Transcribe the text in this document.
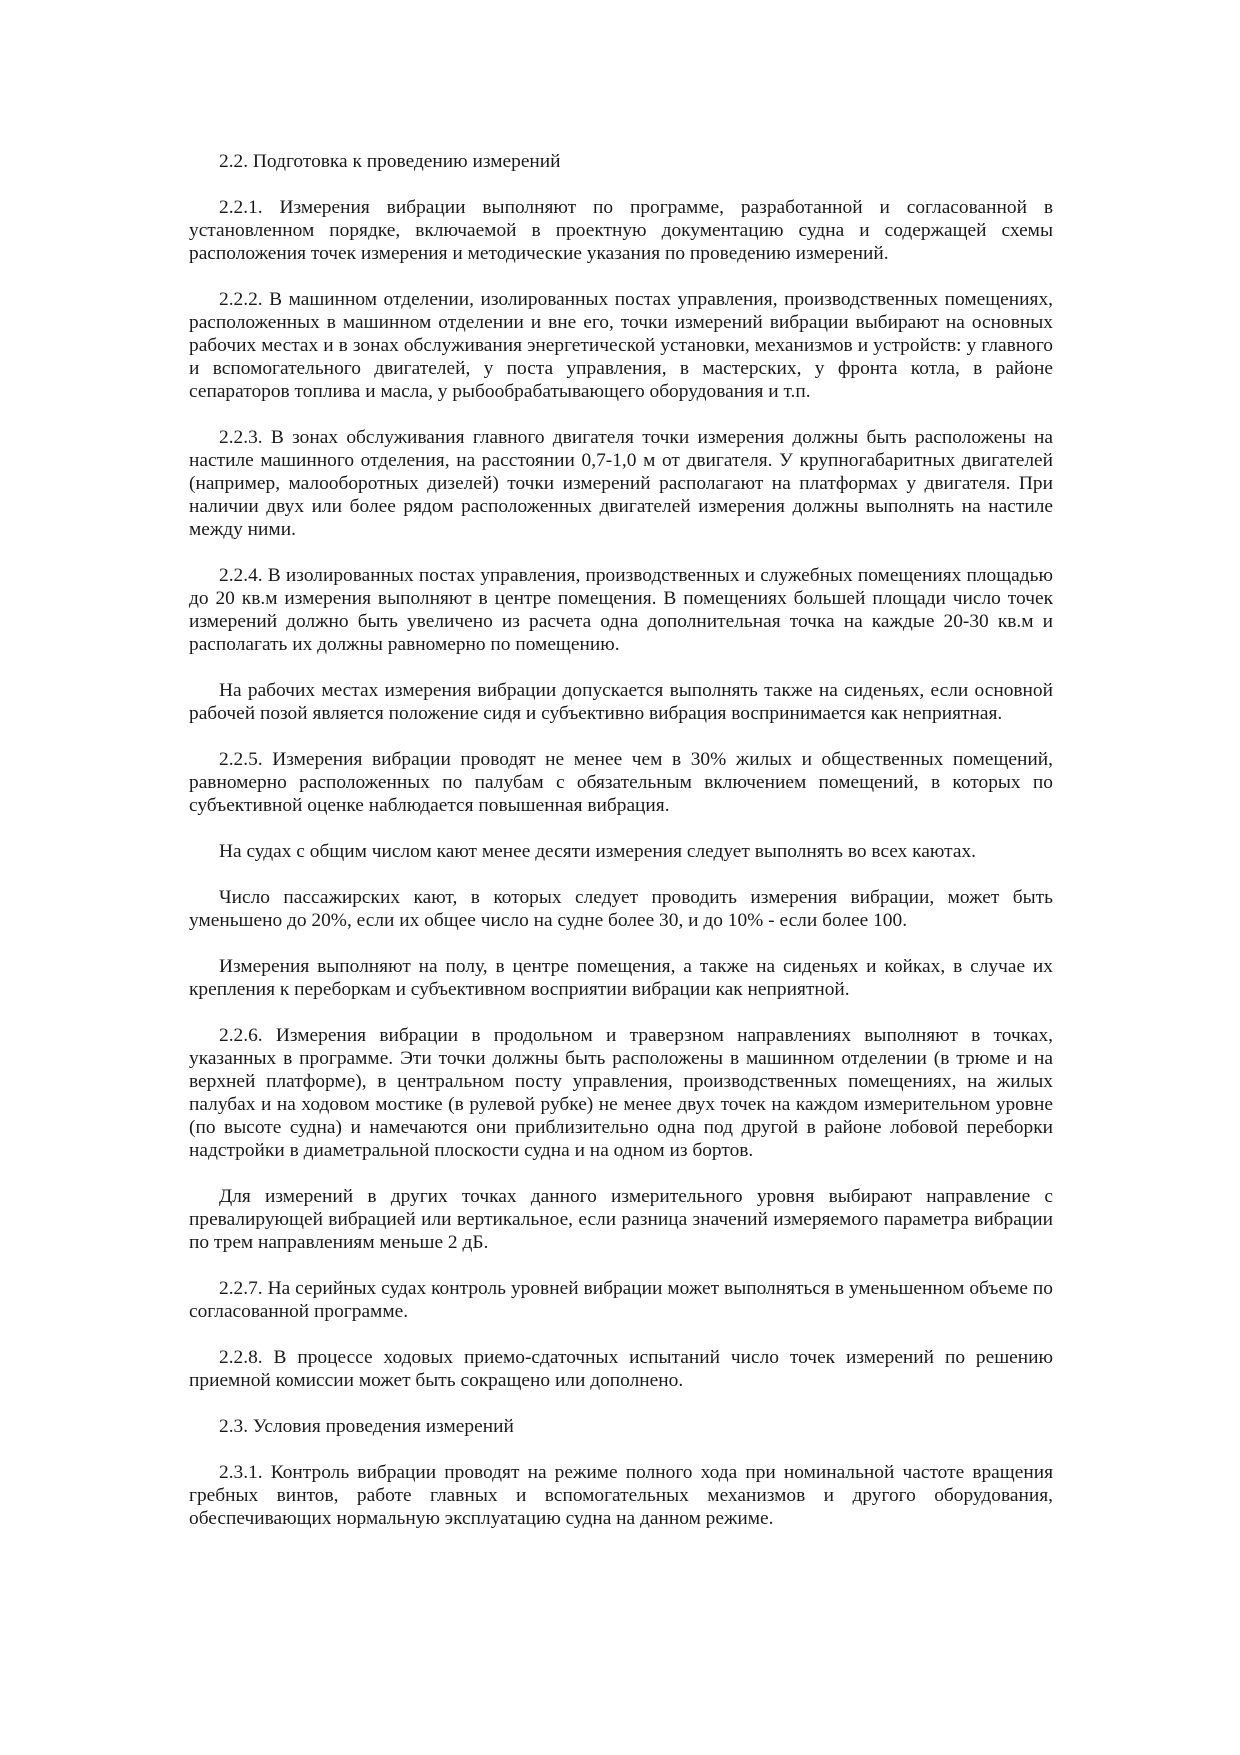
2.2. Подготовка к проведению измерений

2.2.1. Измерения вибрации выполняют по программе, разработанной и согласованной в установленном порядке, включаемой в проектную документацию судна и содержащей схемы расположения точек измерения и методические указания по проведению измерений.

2.2.2. В машинном отделении, изолированных постах управления, производственных помещениях, расположенных в машинном отделении и вне его, точки измерений вибрации выбирают на основных рабочих местах и в зонах обслуживания энергетической установки, механизмов и устройств: у главного и вспомогательного двигателей, у поста управления, в мастерских, у фронта котла, в районе сепараторов топлива и масла, у рыбообрабатывающего оборудования и т.п.

2.2.3. В зонах обслуживания главного двигателя точки измерения должны быть расположены на настиле машинного отделения, на расстоянии 0,7-1,0 м от двигателя. У крупногабаритных двигателей (например, малооборотных дизелей) точки измерений располагают на платформах у двигателя. При наличии двух или более рядом расположенных двигателей измерения должны выполнять на настиле между ними.

2.2.4. В изолированных постах управления, производственных и служебных помещениях площадью до 20 кв.м измерения выполняют в центре помещения. В помещениях большей площади число точек измерений должно быть увеличено из расчета одна дополнительная точка на каждые 20-30 кв.м и располагать их должны равномерно по помещению.

На рабочих местах измерения вибрации допускается выполнять также на сиденьях, если основной рабочей позой является положение сидя и субъективно вибрация воспринимается как неприятная.

2.2.5. Измерения вибрации проводят не менее чем в 30% жилых и общественных помещений, равномерно расположенных по палубам с обязательным включением помещений, в которых по субъективной оценке наблюдается повышенная вибрация.

На судах с общим числом кают менее десяти измерения следует выполнять во всех каютах.

Число пассажирских кают, в которых следует проводить измерения вибрации, может быть уменьшено до 20%, если их общее число на судне более 30, и до 10% - если более 100.

Измерения выполняют на полу, в центре помещения, а также на сиденьях и койках, в случае их крепления к переборкам и субъективном восприятии вибрации как неприятной.

2.2.6. Измерения вибрации в продольном и траверзном направлениях выполняют в точках, указанных в программе. Эти точки должны быть расположены в машинном отделении (в трюме и на верхней платформе), в центральном посту управления, производственных помещениях, на жилых палубах и на ходовом мостике (в рулевой рубке) не менее двух точек на каждом измерительном уровне (по высоте судна) и намечаются они приблизительно одна под другой в районе лобовой переборки надстройки в диаметральной плоскости судна и на одном из бортов.

Для измерений в других точках данного измерительного уровня выбирают направление с превалирующей вибрацией или вертикальное, если разница значений измеряемого параметра вибрации по трем направлениям меньше 2 дБ.

2.2.7. На серийных судах контроль уровней вибрации может выполняться в уменьшенном объеме по согласованной программе.

2.2.8. В процессе ходовых приемо-сдаточных испытаний число точек измерений по решению приемной комиссии может быть сокращено или дополнено.

2.3. Условия проведения измерений

2.3.1. Контроль вибрации проводят на режиме полного хода при номинальной частоте вращения гребных винтов, работе главных и вспомогательных механизмов и другого оборудования, обеспечивающих нормальную эксплуатацию судна на данном режиме.
